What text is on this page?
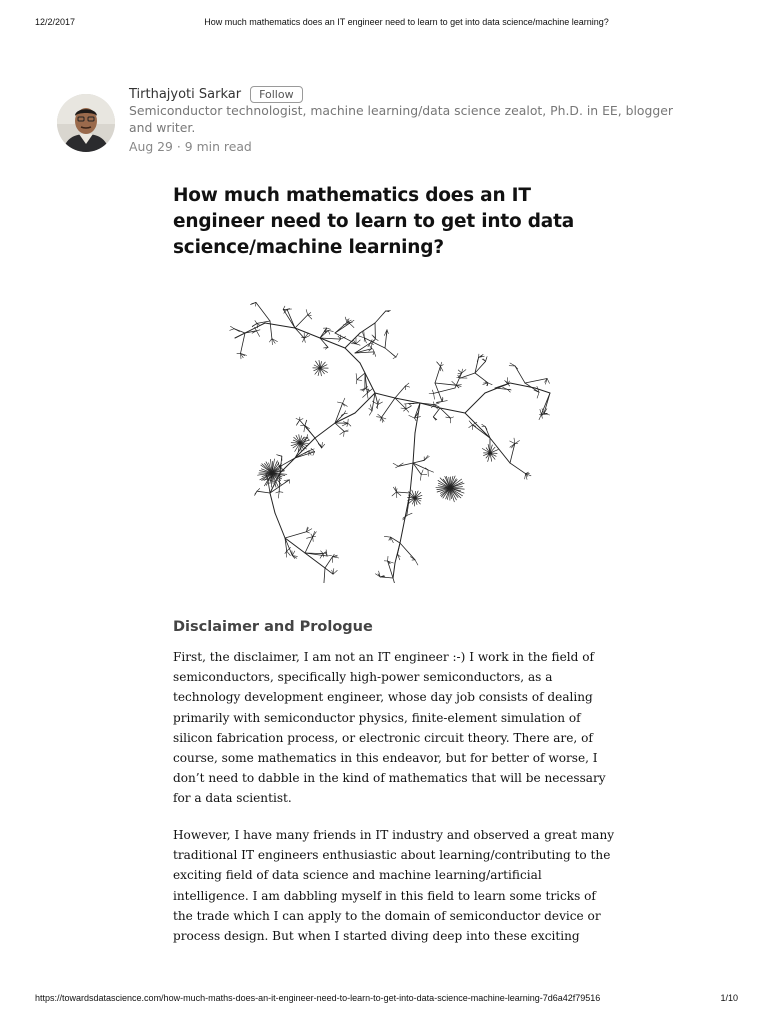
12/2/2017	How much mathematics does an IT engineer need to learn to get into data science/machine learning?
Tirthajyoti Sarkar	Follow
Semiconductor technologist, machine learning/data science zealot, Ph.D. in EE, blogger and writer.
Aug 29 · 9 min read
How much mathematics does an IT engineer need to learn to get into data science/machine learning?
Disclaimer and Prologue
First, the disclaimer, I am not an IT engineer :-) I work in the field of
semiconductors, specifically high-power semiconductors, as a
technology development engineer, whose day job consists of dealing
primarily with semiconductor physics, finite-element simulation of
silicon fabrication process, or electronic circuit theory. There are, of
course, some mathematics in this endeavor, but for better of worse, I
don’t need to dabble in the kind of mathematics that will be necessary
for a data scientist.
However, I have many friends in IT industry and observed a great many
traditional IT engineers enthusiastic about learning/contributing to the
exciting field of data science and machine learning/artificial
intelligence. I am dabbling myself in this field to learn some tricks of
the trade which I can apply to the domain of semiconductor device or
process design. But when I started diving deep into these exciting
https://towardsdatascience.com/how-much-maths-does-an-it-engineer-need-to-learn-to-get-into-data-science-machine-learning-7d6a42f79516	1/10
